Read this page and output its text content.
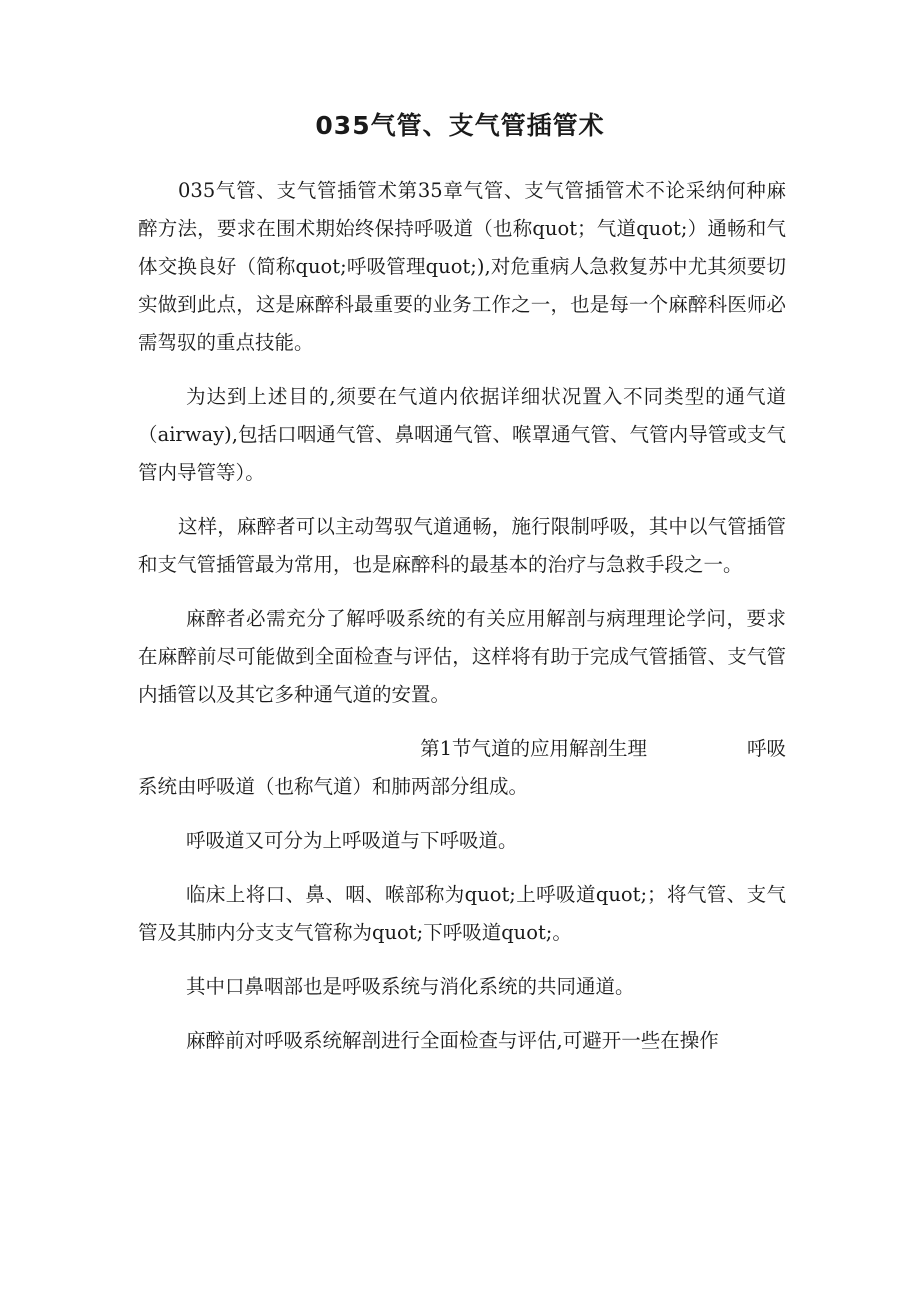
035气管、支气管插管术

035气管、支气管插管术第35章气管、支气管插管术不论采纳何种麻醉方法，要求在围术期始终保持呼吸道（也称quot；气道quot;）通畅和气体交换良好（简称quot;呼吸管理quot;),对危重病人急救复苏中尤其须要切实做到此点，这是麻醉科最重要的业务工作之一，也是每一个麻醉科医师必需驾驭的重点技能。

为达到上述目的,须要在气道内依据详细状况置入不同类型的通气道（airway),包括口咽通气管、鼻咽通气管、喉罩通气管、气管内导管或支气管内导管等）。

这样，麻醉者可以主动驾驭气道通畅，施行限制呼吸，其中以气管插管和支气管插管最为常用，也是麻醉科的最基本的治疗与急救手段之一。

麻醉者必需充分了解呼吸系统的有关应用解剖与病理理论学问，要求在麻醉前尽可能做到全面检查与评估，这样将有助于完成气管插管、支气管内插管以及其它多种通气道的安置。

第1节气道的应用解剖生理	呼吸

系统由呼吸道（也称气道）和肺两部分组成。

呼吸道又可分为上呼吸道与下呼吸道。

临床上将口、鼻、咽、喉部称为quot;上呼吸道quot;；将气管、支气管及其肺内分支支气管称为quot;下呼吸道quot;。

其中口鼻咽部也是呼吸系统与消化系统的共同通道。

麻醉前对呼吸系统解剖进行全面检查与评估,可避开一些在操作
